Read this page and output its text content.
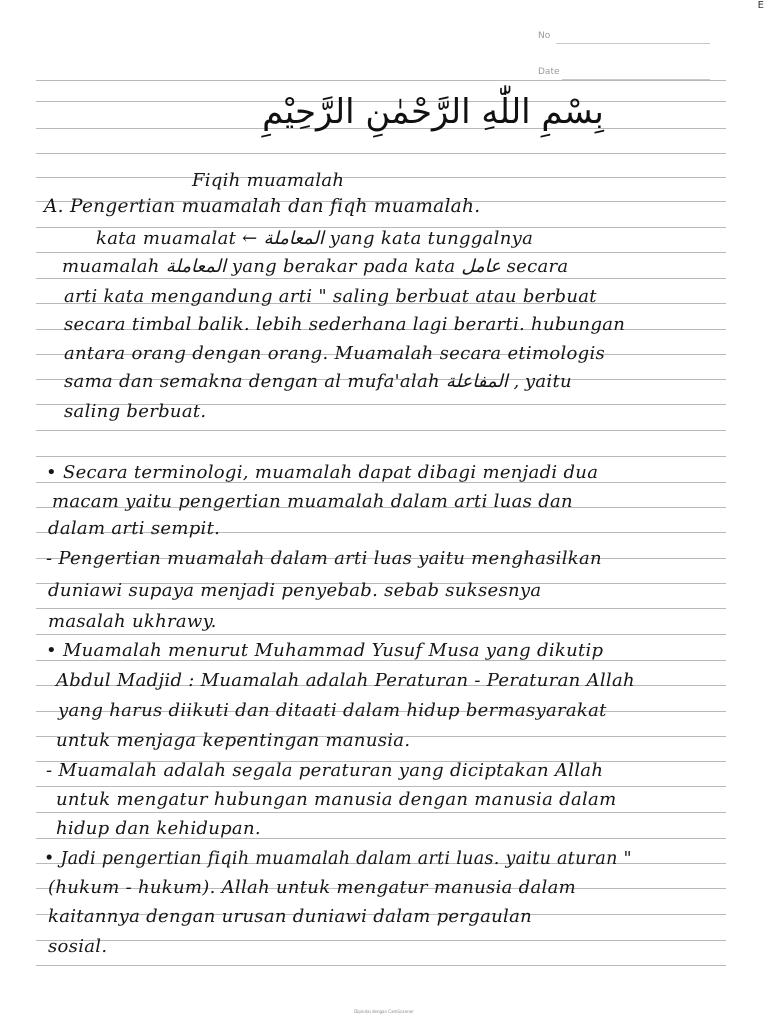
E
No
Date
بِسْمِ اللّٰهِ الرَّحْمٰنِ الرَّحِيْمِ
Fiqih muamalah
A. Pengertian muamalah dan fiqh muamalah.
kata muamalat ← المعاملة yang kata tunggalnya
muamalah المعاملة yang berakar pada kata عامل secara
arti kata mengandung arti " saling berbuat atau berbuat
secara timbal balik. lebih sederhana lagi berarti. hubungan
antara orang dengan orang. Muamalah secara etimologis
sama dan semakna dengan al mufa'alah المفاعلة , yaitu
saling berbuat.
• Secara terminologi, muamalah dapat dibagi menjadi dua
macam yaitu pengertian muamalah dalam arti luas dan
dalam arti sempit.
- Pengertian muamalah dalam arti luas yaitu menghasilkan
duniawi supaya menjadi penyebab. sebab suksesnya
masalah ukhrawy.
• Muamalah menurut Muhammad Yusuf Musa yang dikutip
Abdul Madjid : Muamalah adalah Peraturan - Peraturan Allah
yang harus diikuti dan ditaati dalam hidup bermasyarakat
untuk menjaga kepentingan manusia.
- Muamalah adalah segala peraturan yang diciptakan Allah
untuk mengatur hubungan manusia dengan manusia dalam
hidup dan kehidupan.
• Jadi pengertian fiqih muamalah dalam arti luas. yaitu aturan "
(hukum - hukum). Allah untuk mengatur manusia dalam
kaitannya dengan urusan duniawi dalam pergaulan
sosial.
Dipindai dengan CamScanner
